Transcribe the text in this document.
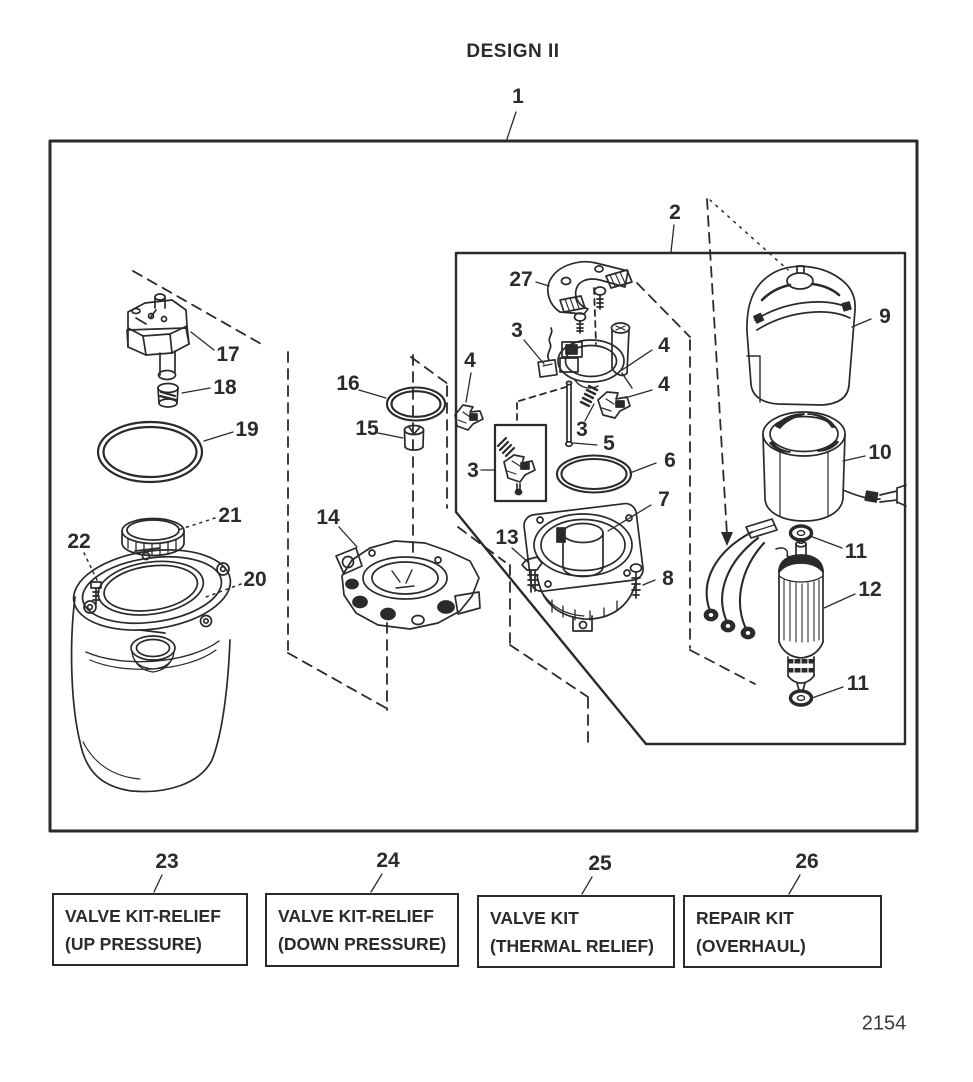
DESIGN II
2154
1
2
27
3
4
4
4
3
5
6
3
7
8
9
10
11
12
11
13
14
15
16
17
18
19
21
22
20
23	24	25	26
VALVE KIT-RELIEF
(UP PRESSURE)
VALVE KIT-RELIEF
(DOWN PRESSURE)
VALVE KIT
(THERMAL RELIEF)
REPAIR KIT
(OVERHAUL)
